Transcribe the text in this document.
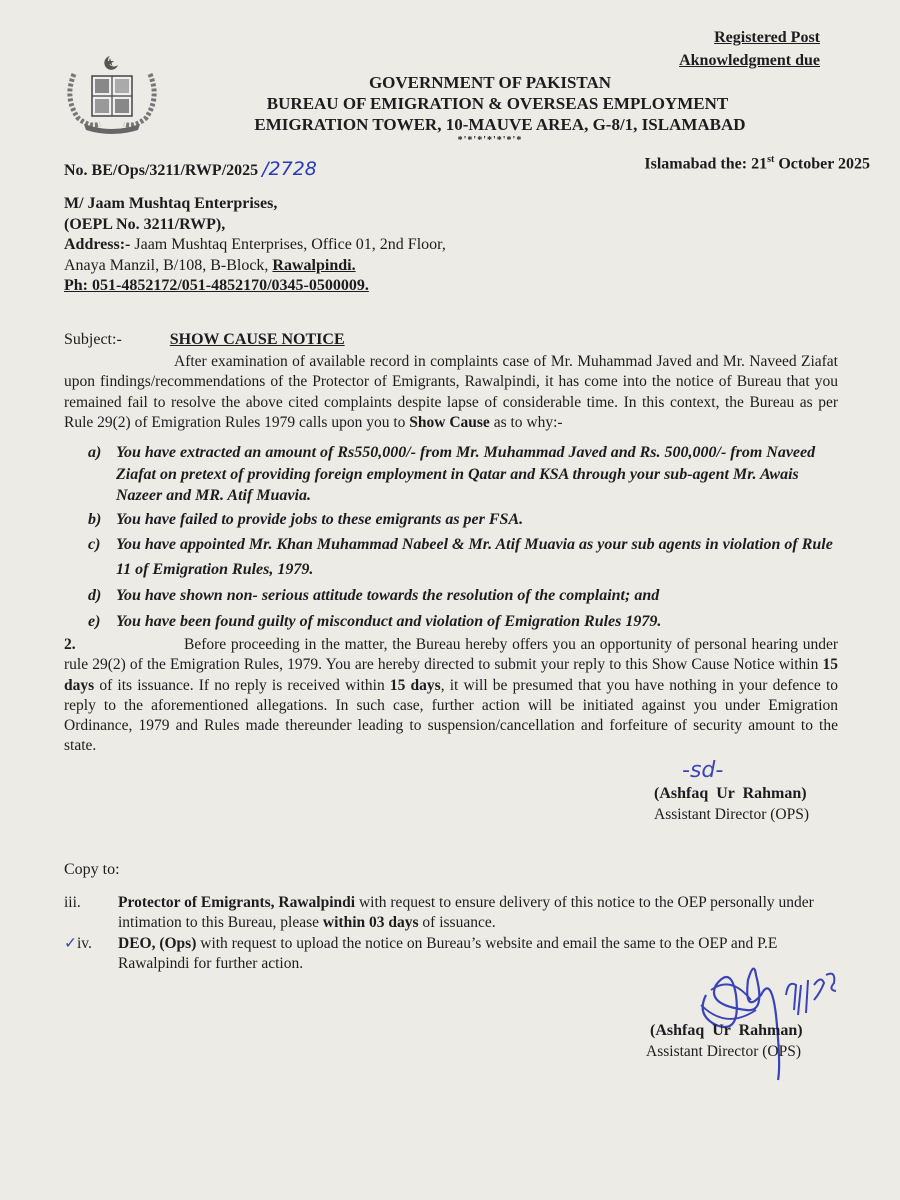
Registered Post
Aknowledgment due
GOVERNMENT OF PAKISTAN
BUREAU OF EMIGRATION & OVERSEAS EMPLOYMENT
EMIGRATION TOWER, 10-MAUVE AREA, G-8/1, ISLAMABAD
*'*'*'*'*'*'*
No. BE/Ops/3211/RWP/2025 /2728	Islamabad the: 21st October 2025
M/ Jaam Mushtaq Enterprises,
(OEPL No. 3211/RWP),
Address:- Jaam Mushtaq Enterprises, Office 01, 2nd Floor,
Anaya Manzil, B/108, B-Block, Rawalpindi.
Ph: 051-4852172/051-4852170/0345-0500009.
Subject:-	SHOW CAUSE NOTICE
After examination of available record in complaints case of Mr. Muhammad Javed and Mr. Naveed Ziafat upon findings/recommendations of the Protector of Emigrants, Rawalpindi, it has come into the notice of Bureau that you remained fail to resolve the above cited complaints despite lapse of considerable time. In this context, the Bureau as per Rule 29(2) of Emigration Rules 1979 calls upon you to Show Cause as to why:-
a) You have extracted an amount of Rs550,000/- from Mr. Muhammad Javed and Rs. 500,000/- from Naveed Ziafat on pretext of providing foreign employment in Qatar and KSA through your sub-agent Mr. Awais Nazeer and MR. Atif Muavia.
b) You have failed to provide jobs to these emigrants as per FSA.
c) You have appointed Mr. Khan Muhammad Nabeel & Mr. Atif Muavia as your sub agents in violation of Rule 11 of Emigration Rules, 1979.
d) You have shown non- serious attitude towards the resolution of the complaint; and
e) You have been found guilty of misconduct and violation of Emigration Rules 1979.
2.	Before proceeding in the matter, the Bureau hereby offers you an opportunity of personal hearing under rule 29(2) of the Emigration Rules, 1979. You are hereby directed to submit your reply to this Show Cause Notice within 15 days of its issuance. If no reply is received within 15 days, it will be presumed that you have nothing in your defence to reply to the aforementioned allegations. In such case, further action will be initiated against you under Emigration Ordinance, 1979 and Rules made thereunder leading to suspension/cancellation and forfeiture of security amount to the state.
-sd-
(Ashfaq Ur Rahman)
Assistant Director (OPS)
Copy to:
iii.	Protector of Emigrants, Rawalpindi with request to ensure delivery of this notice to the OEP personally under intimation to this Bureau, please within 03 days of issuance.
✓iv.	DEO, (Ops) with request to upload the notice on Bureau’s website and email the same to the OEP and P.E Rawalpindi for further action.
(Ashfaq Ur Rahman)
Assistant Director (OPS)
